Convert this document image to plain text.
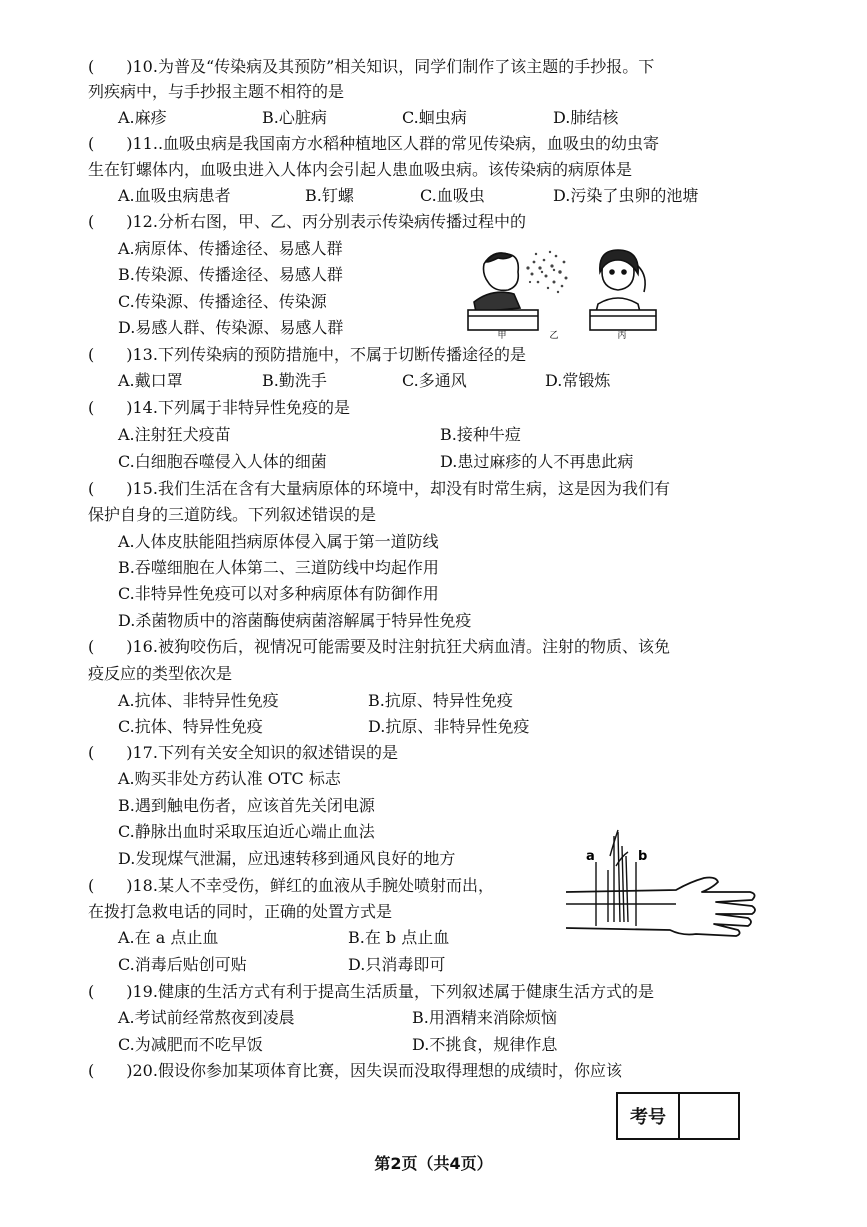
(　　)10.为普及“传染病及其预防”相关知识，同学们制作了该主题的手抄报。下
列疾病中，与手抄报主题不相符的是
A.麻疹	B.心脏病	C.蛔虫病	D.肺结核
(　　)11..血吸虫病是我国南方水稻种植地区人群的常见传染病，血吸虫的幼虫寄
生在钉螺体内，血吸虫进入人体内会引起人患血吸虫病。该传染病的病原体是
A.血吸虫病患者	B.钉螺	C.血吸虫	D.污染了虫卵的池塘
(　　)12.分析右图，甲、乙、丙分别表示传染病传播过程中的
A.病原体、传播途径、易感人群
B.传染源、传播途径、易感人群
C.传染源、传播途径、传染源
D.易感人群、传染源、易感人群	甲	乙	丙
(　　)13.下列传染病的预防措施中，不属于切断传播途径的是
A.戴口罩	B.勤洗手	C.多通风	D.常锻炼
(　　)14.下列属于非特异性免疫的是
A.注射狂犬疫苗	B.接种牛痘
C.白细胞吞噬侵入人体的细菌	D.患过麻疹的人不再患此病
(　　)15.我们生活在含有大量病原体的环境中，却没有时常生病，这是因为我们有
保护自身的三道防线。下列叙述错误的是
A.人体皮肤能阻挡病原体侵入属于第一道防线
B.吞噬细胞在人体第二、三道防线中均起作用
C.非特异性免疫可以对多种病原体有防御作用
D.杀菌物质中的溶菌酶使病菌溶解属于特异性免疫
(　　)16.被狗咬伤后，视情况可能需要及时注射抗狂犬病血清。注射的物质、该免
疫反应的类型依次是
A.抗体、非特异性免疫	B.抗原、特异性免疫
C.抗体、特异性免疫	D.抗原、非特异性免疫
(　　)17.下列有关安全知识的叙述错误的是
A.购买非处方药认准 OTC 标志
B.遇到触电伤者，应该首先关闭电源
C.静脉出血时采取压迫近心端止血法
D.发现煤气泄漏，应迅速转移到通风良好的地方
(　　)18.某人不幸受伤，鲜红的血液从手腕处喷射而出，
在拨打急救电话的同时，正确的处置方式是
A.在 a 点止血	B.在 b 点止血
C.消毒后贴创可贴	D.只消毒即可
a	b
(　　)19.健康的生活方式有利于提高生活质量，下列叙述属于健康生活方式的是
A.考试前经常熬夜到凌晨	B.用酒精来消除烦恼
C.为减肥而不吃早饭	D.不挑食，规律作息
(　　)20.假设你参加某项体育比赛，因失误而没取得理想的成绩时，你应该
考号
第2页（共4页）
